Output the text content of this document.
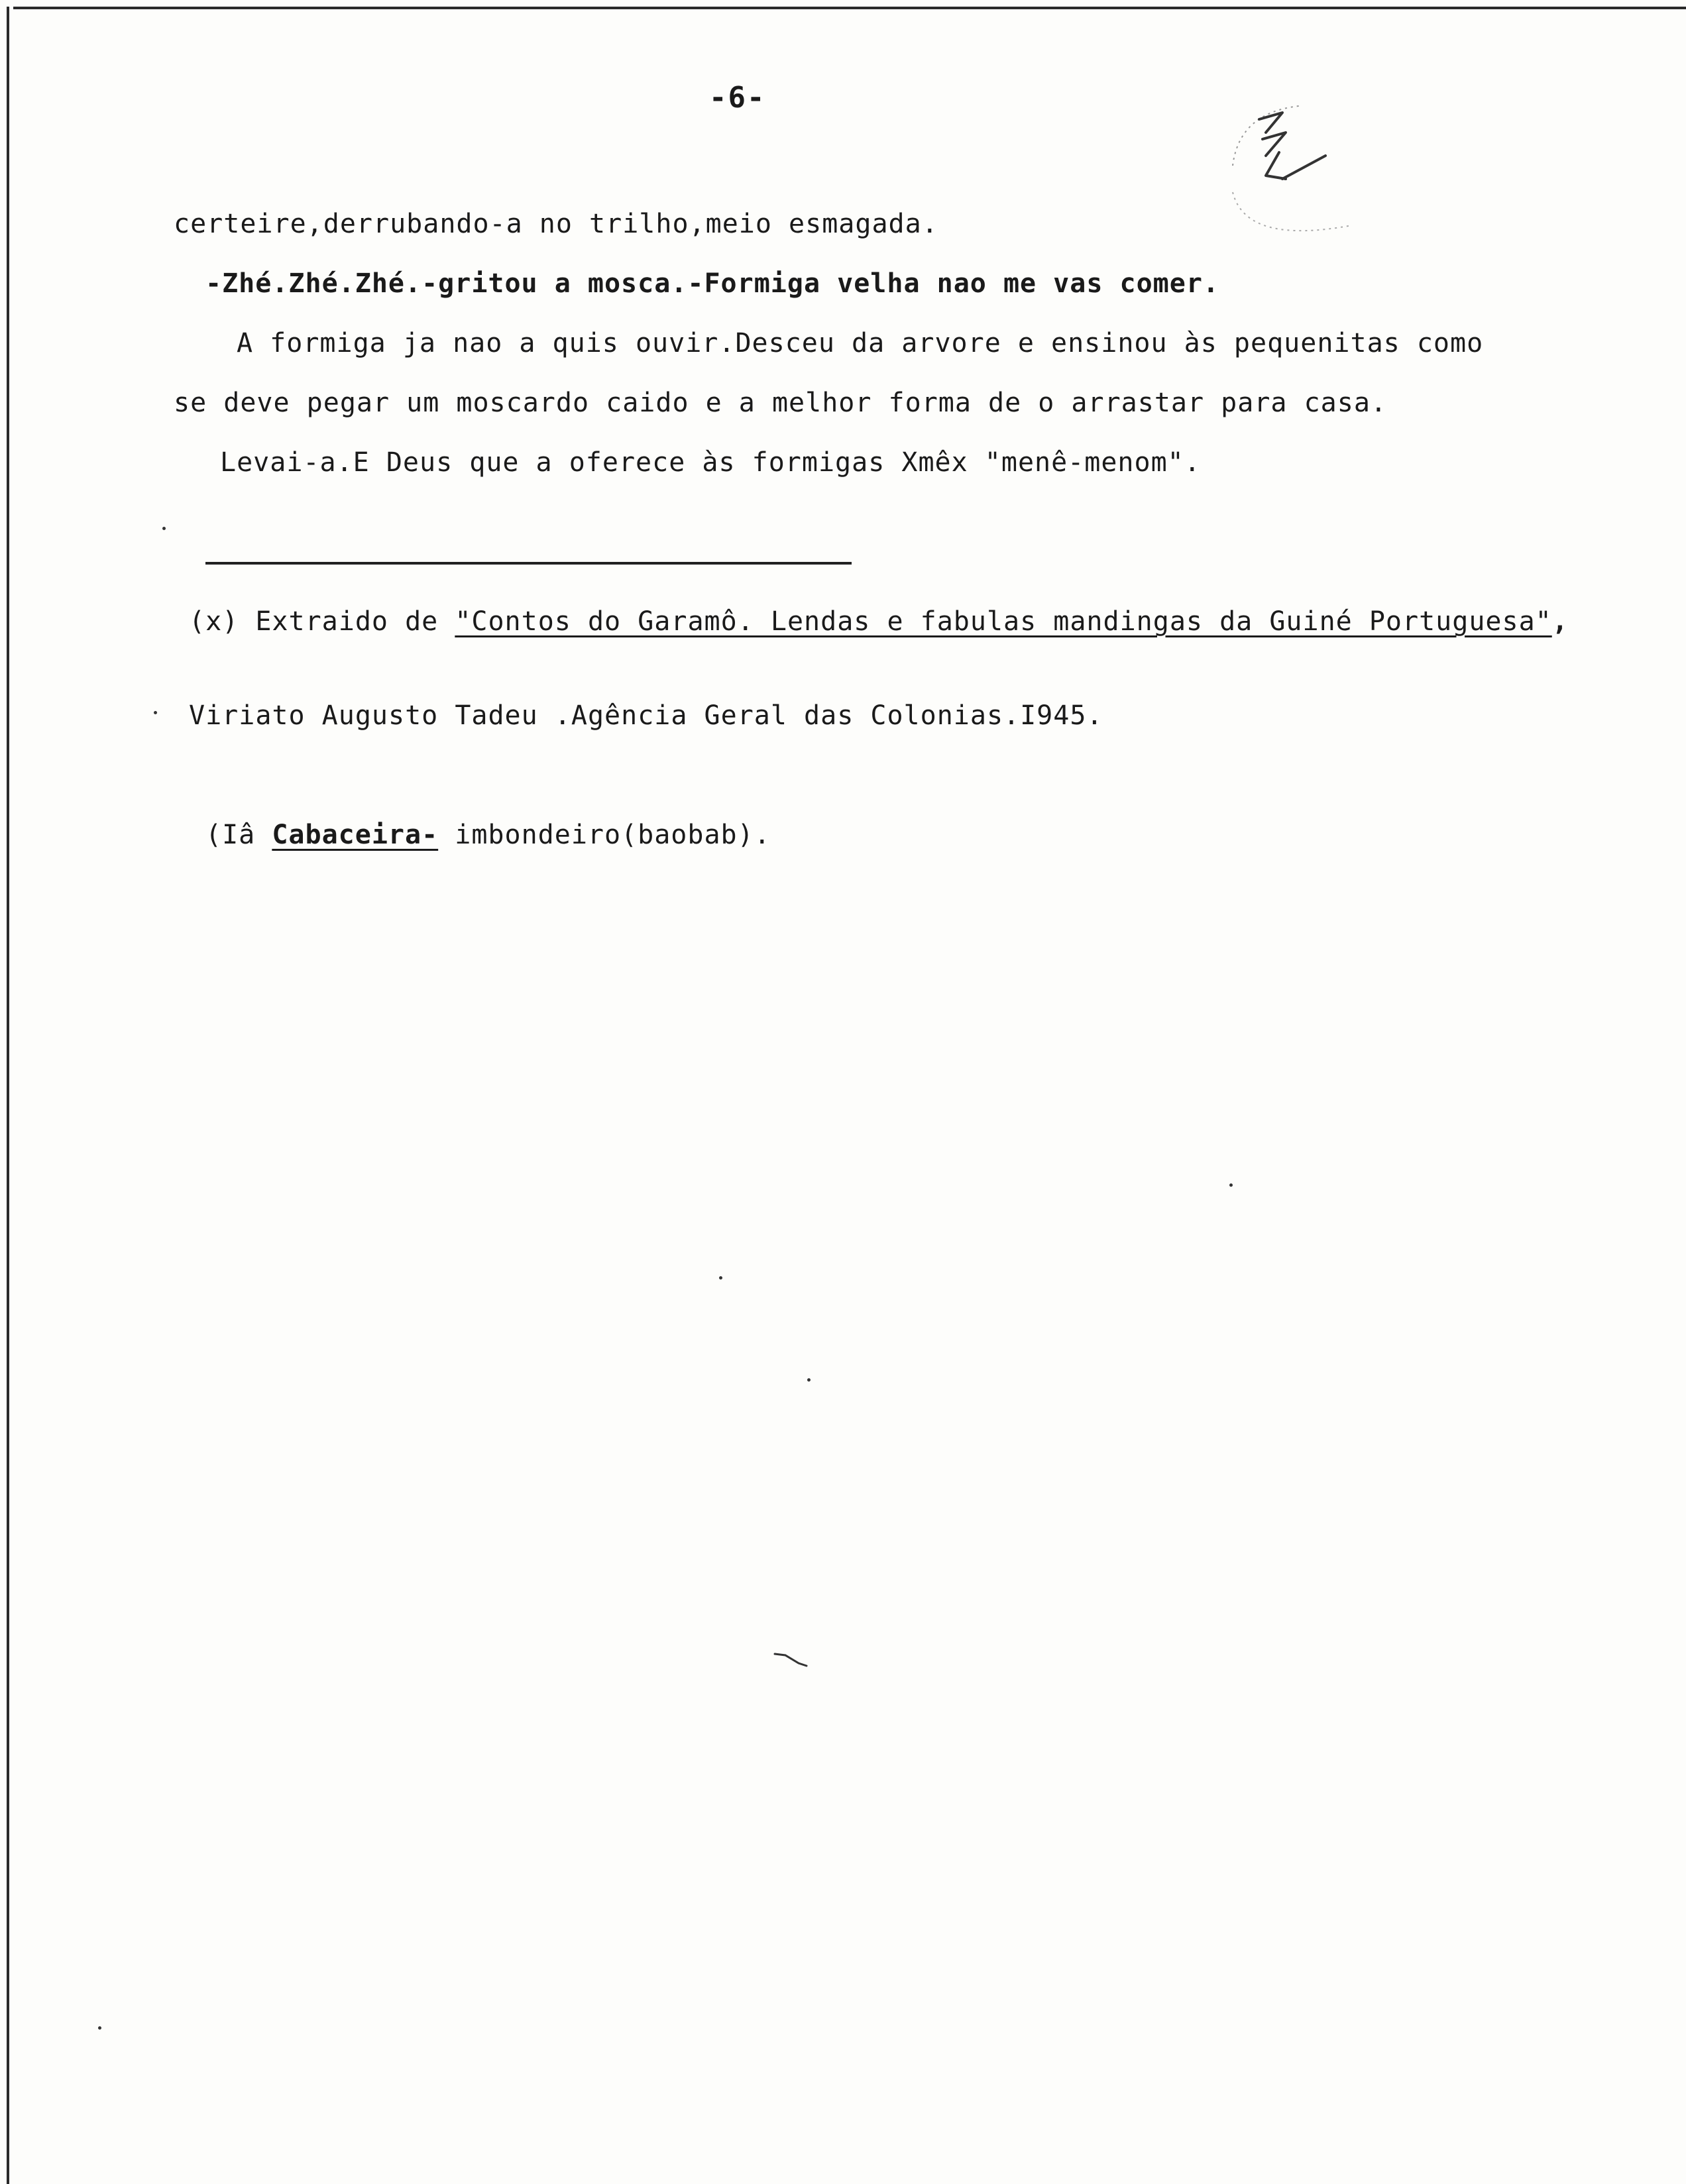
-6-
certeire,derrubando-a no trilho,meio esmagada.
-Zhé.Zhé.Zhé.-gritou a mosca.-Formiga velha nao me vas comer.
A formiga ja nao a quis ouvir.Desceu da arvore e ensinou às pequenitas como
se deve pegar um moscardo caido e a melhor forma de o arrastar para casa.
Levai-a.E Deus que a oferece às formigas Xmêx "menê-menom".
(x) Extraido de "Contos do Garamô. Lendas e fabulas mandingas da Guiné Portuguesa",
Viriato Augusto Tadeu .Agência Geral das Colonias.I945.
(Iâ Cabaceira- imbondeiro(baobab).
